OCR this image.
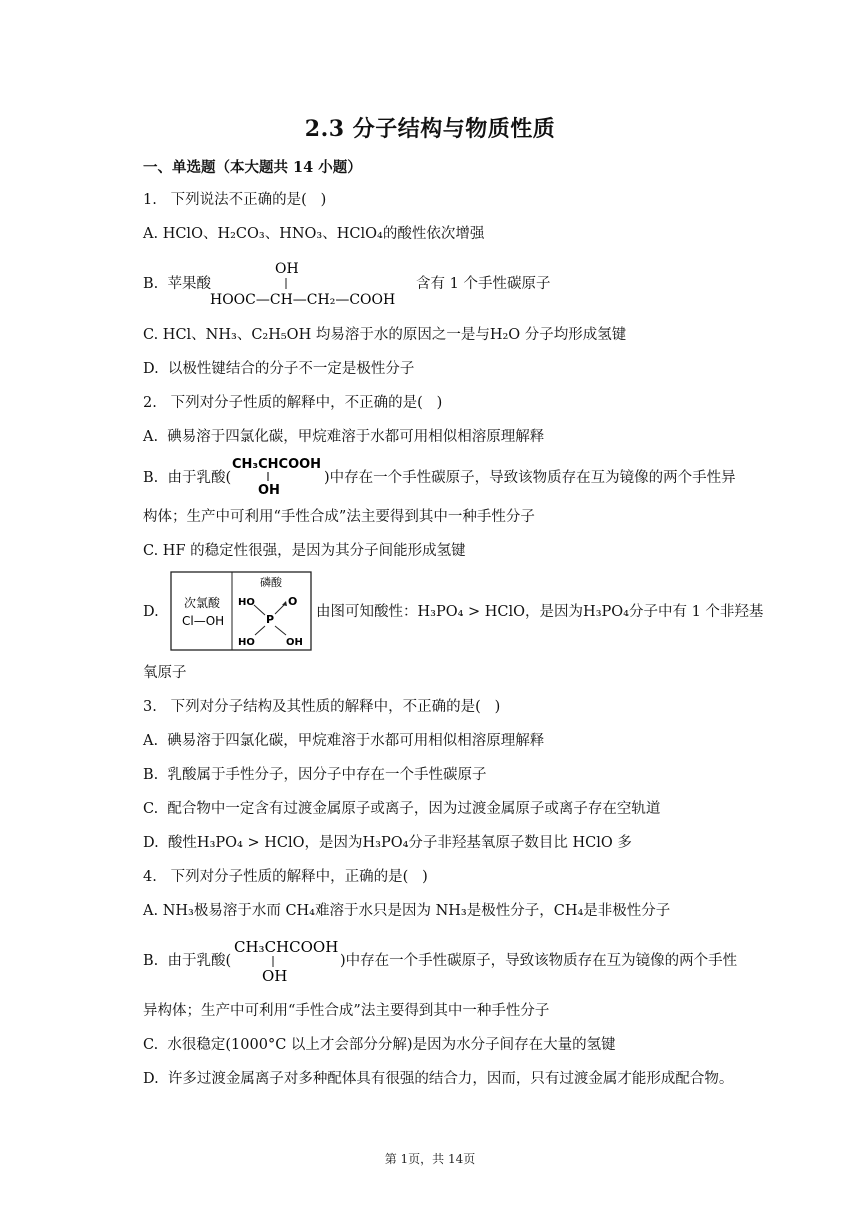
2.3 分子结构与物质性质
一、单选题（本大题共 14 小题）
1.   下列说法不正确的是(   )
A. HClO、H₂CO₃、HNO₃、HClO₄的酸性依次增强
B.  苹果酸
OH
HOOC—CH—CH₂—COOH
含有 1 个手性碳原子
C. HCl、NH₃、C₂H₅OH 均易溶于水的原因之一是与H₂O 分子均形成氢键
D.  以极性键结合的分子不一定是极性分子
2.   下列对分子性质的解释中，不正确的是(   )
A.  碘易溶于四氯化碳，甲烷难溶于水都可用相似相溶原理解释
B.  由于乳酸(
CH₃CHCOOH
OH
)中存在一个手性碳原子，导致该物质存在互为镜像的两个手性异
构体；生产中可利用“手性合成”法主要得到其中一种手性分子
C. HF 的稳定性很强，是因为其分子间能形成氢键
D.
次氯酸
Cl—OH
磷酸
HO	O
P
HO	OH
由图可知酸性：H₃PO₄ > HClO，是因为H₃PO₄分子中有 1 个非羟基
氧原子
3.   下列对分子结构及其性质的解释中，不正确的是(   )
A.  碘易溶于四氯化碳，甲烷难溶于水都可用相似相溶原理解释
B.  乳酸属于手性分子，因分子中存在一个手性碳原子
C.  配合物中一定含有过渡金属原子或离子，因为过渡金属原子或离子存在空轨道
D.  酸性H₃PO₄ > HClO，是因为H₃PO₄分子非羟基氧原子数目比 HClO 多
4.   下列对分子性质的解释中，正确的是(   )
A. NH₃极易溶于水而 CH₄难溶于水只是因为 NH₃是极性分子，CH₄是非极性分子
B.  由于乳酸(
CH₃CHCOOH
OH
)中存在一个手性碳原子，导致该物质存在互为镜像的两个手性
异构体；生产中可利用“手性合成”法主要得到其中一种手性分子
C.  水很稳定(1000°C 以上才会部分分解)是因为水分子间存在大量的氢键
D.  许多过渡金属离子对多种配体具有很强的结合力，因而，只有过渡金属才能形成配合物。
第 1页，共 14页
